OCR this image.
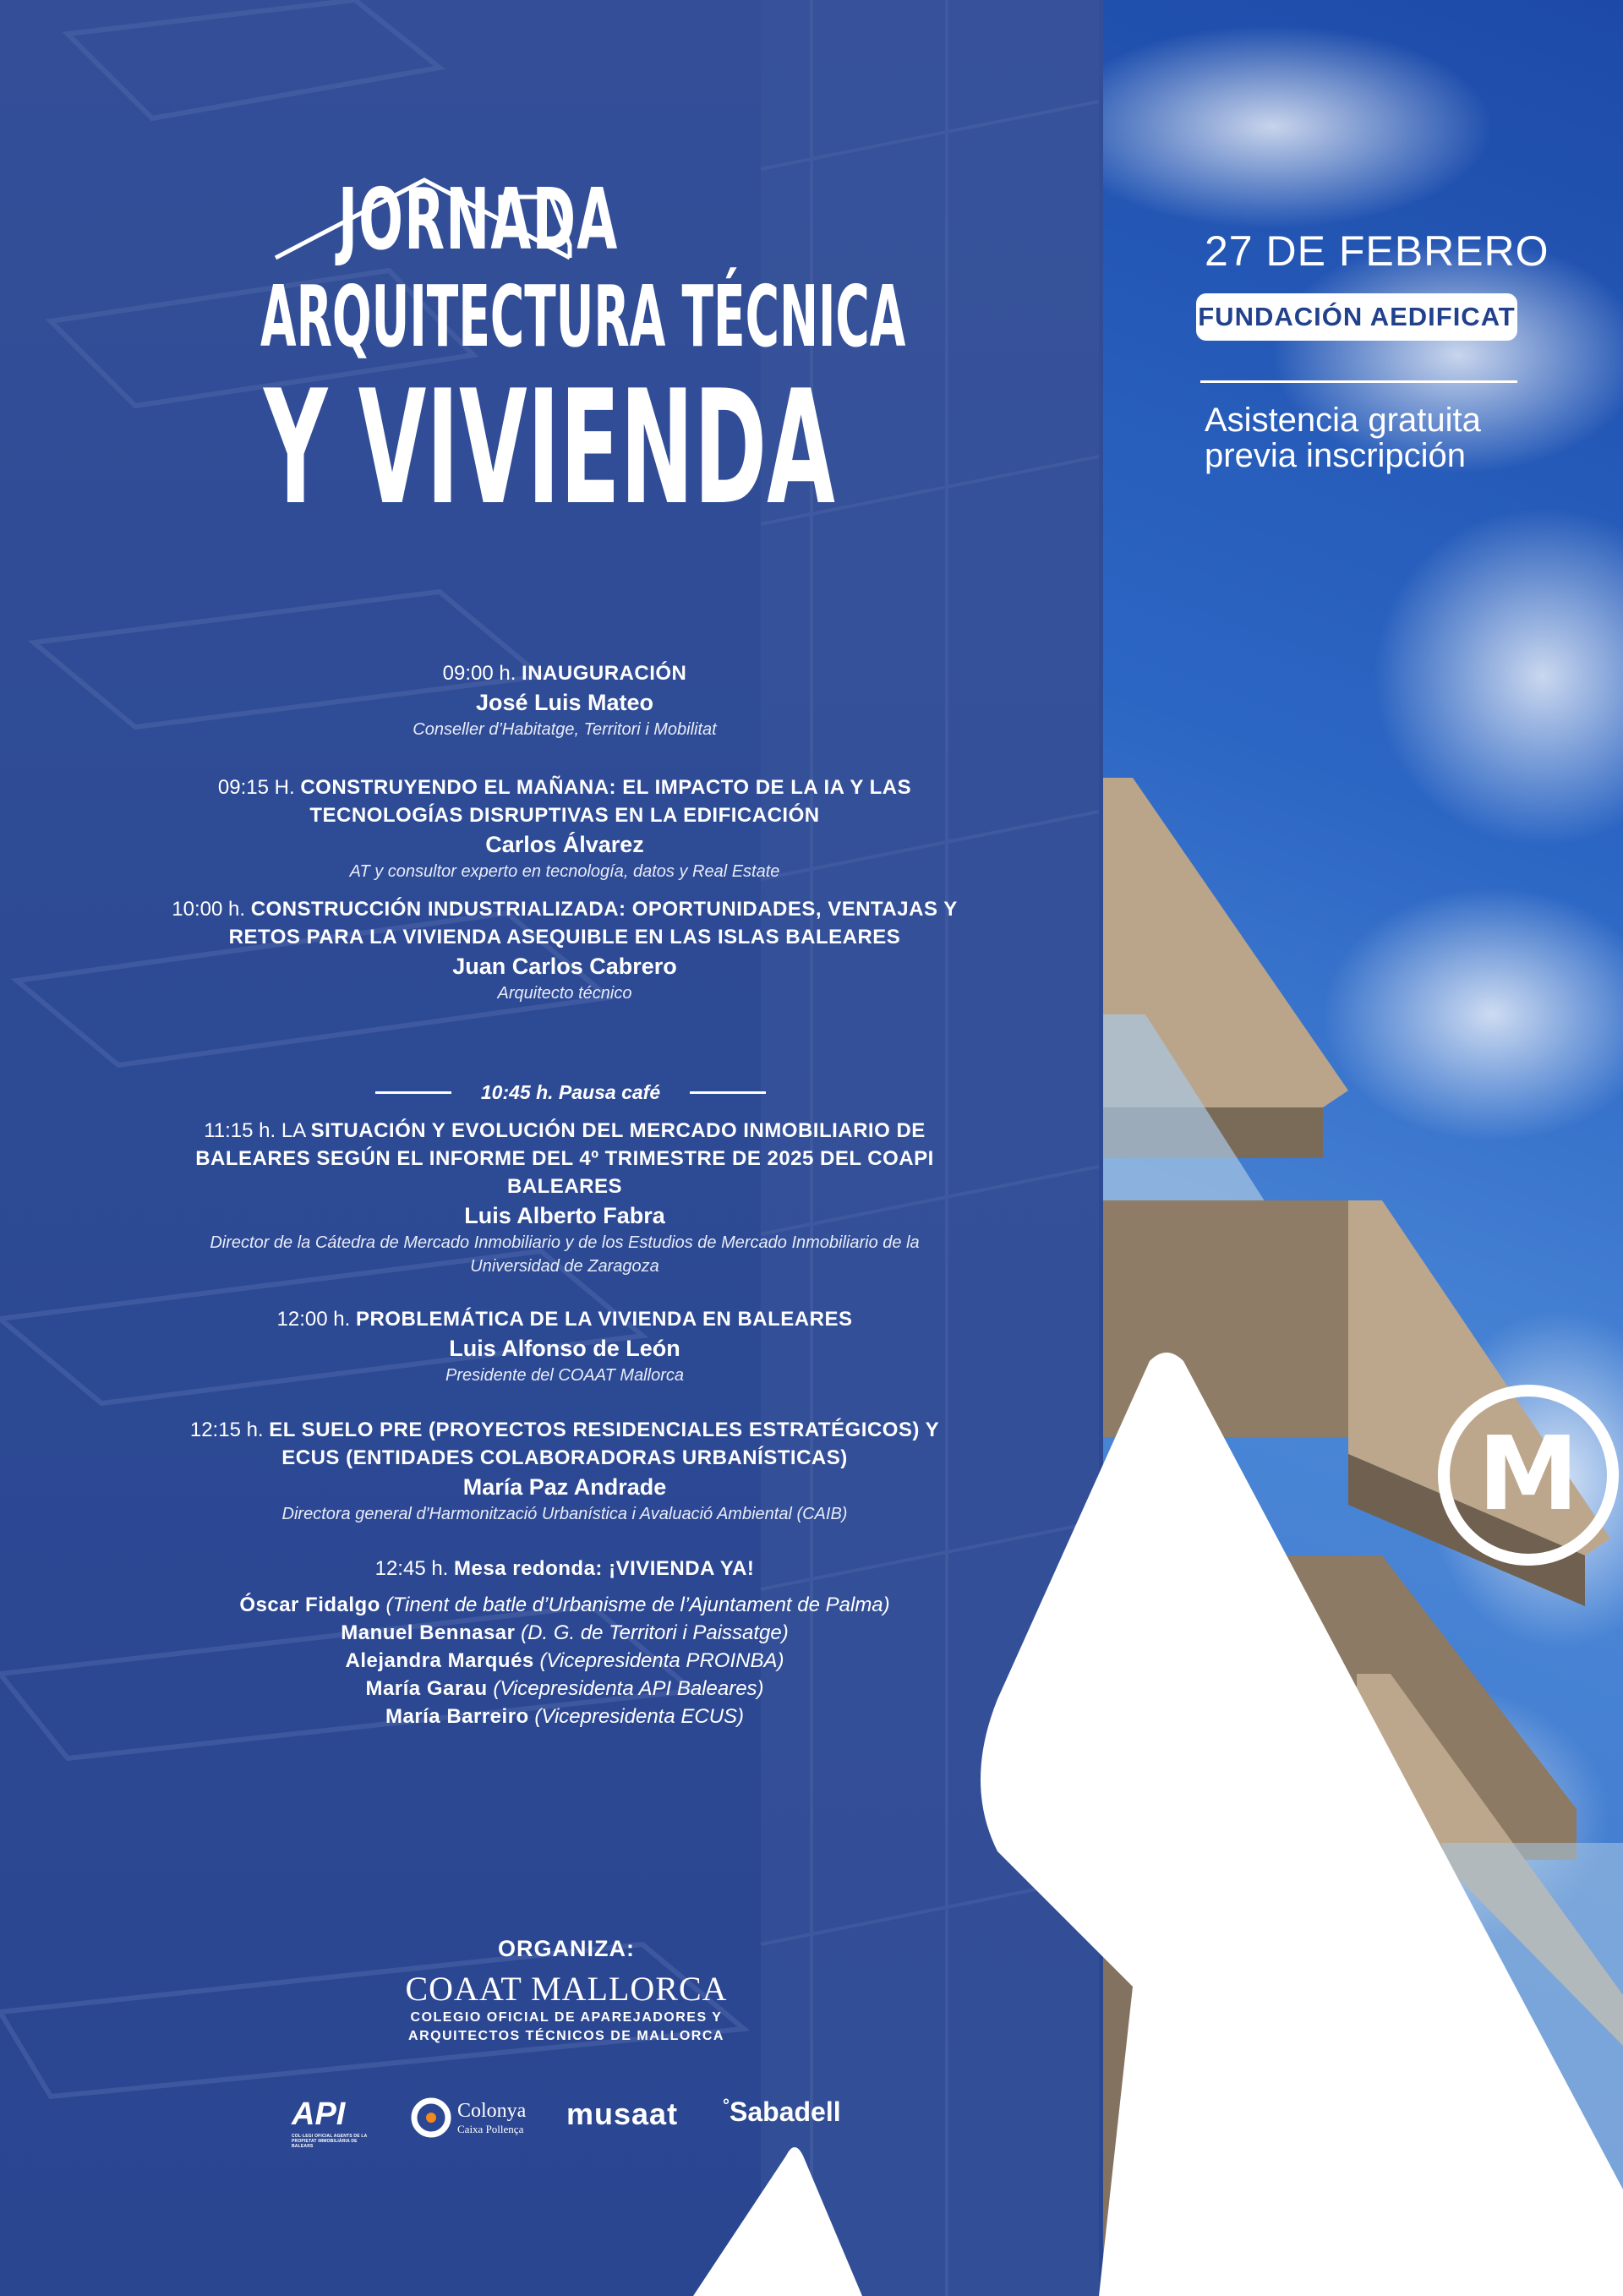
M
JORNADA
ARQUITECTURA TÉCNICA
Y VIVIENDA
27 DE FEBRERO
FUNDACIÓN AEDIFICAT
Asistencia gratuita
previa inscripción
09:00 h. INAUGURACIÓN
José Luis Mateo
Conseller d’Habitatge, Territori i Mobilitat
09:15 H. CONSTRUYENDO EL MAÑANA: EL IMPACTO DE LA IA Y LAS TECNOLOGÍAS DISRUPTIVAS EN LA EDIFICACIÓN
Carlos Álvarez
AT y consultor experto en tecnología, datos y Real Estate
10:00 h. CONSTRUCCIÓN INDUSTRIALIZADA: OPORTUNIDADES, VENTAJAS Y RETOS PARA LA VIVIENDA ASEQUIBLE EN LAS ISLAS BALEARES
Juan Carlos Cabrero
Arquitecto técnico
11:15 h. LA SITUACIÓN Y EVOLUCIÓN DEL MERCADO INMOBILIARIO DE BALEARES SEGÚN EL INFORME DEL 4º TRIMESTRE DE 2025 DEL COAPI BALEARES
Luis Alberto Fabra
Director de la Cátedra de Mercado Inmobiliario y de los Estudios de Mercado Inmobiliario de la Universidad de Zaragoza
12:00 h. PROBLEMÁTICA DE LA VIVIENDA EN BALEARES
Luis Alfonso de León
Presidente del COAAT Mallorca
12:15 h. EL SUELO PRE (PROYECTOS RESIDENCIALES ESTRATÉGICOS) Y ECUS (ENTIDADES COLABORADORAS URBANÍSTICAS)
María Paz Andrade
Directora general d'Harmonització Urbanística i Avaluació Ambiental (CAIB)
12:45 h. Mesa redonda: ¡VIVIENDA YA!
Óscar Fidalgo (Tinent de batle d’Urbanisme de l’Ajuntament de Palma)
Manuel Bennasar (D. G. de Territori i Paissatge)
Alejandra Marqués (Vicepresidenta PROINBA)
María Garau (Vicepresidenta API Baleares)
María Barreiro (Vicepresidenta ECUS)
10:45 h. Pausa café
ORGANIZA:
COAAT MALLORCA
COLEGIO OFICIAL DE APAREJADORES Y
ARQUITECTOS TÉCNICOS DE MALLORCA
API
COL·LEGI OFICIAL AGENTS DE LA PROPIETAT IMMOBILIÀRIA DE BALEARS
Colonya
Caixa Pollença musaat	°Sabadell
